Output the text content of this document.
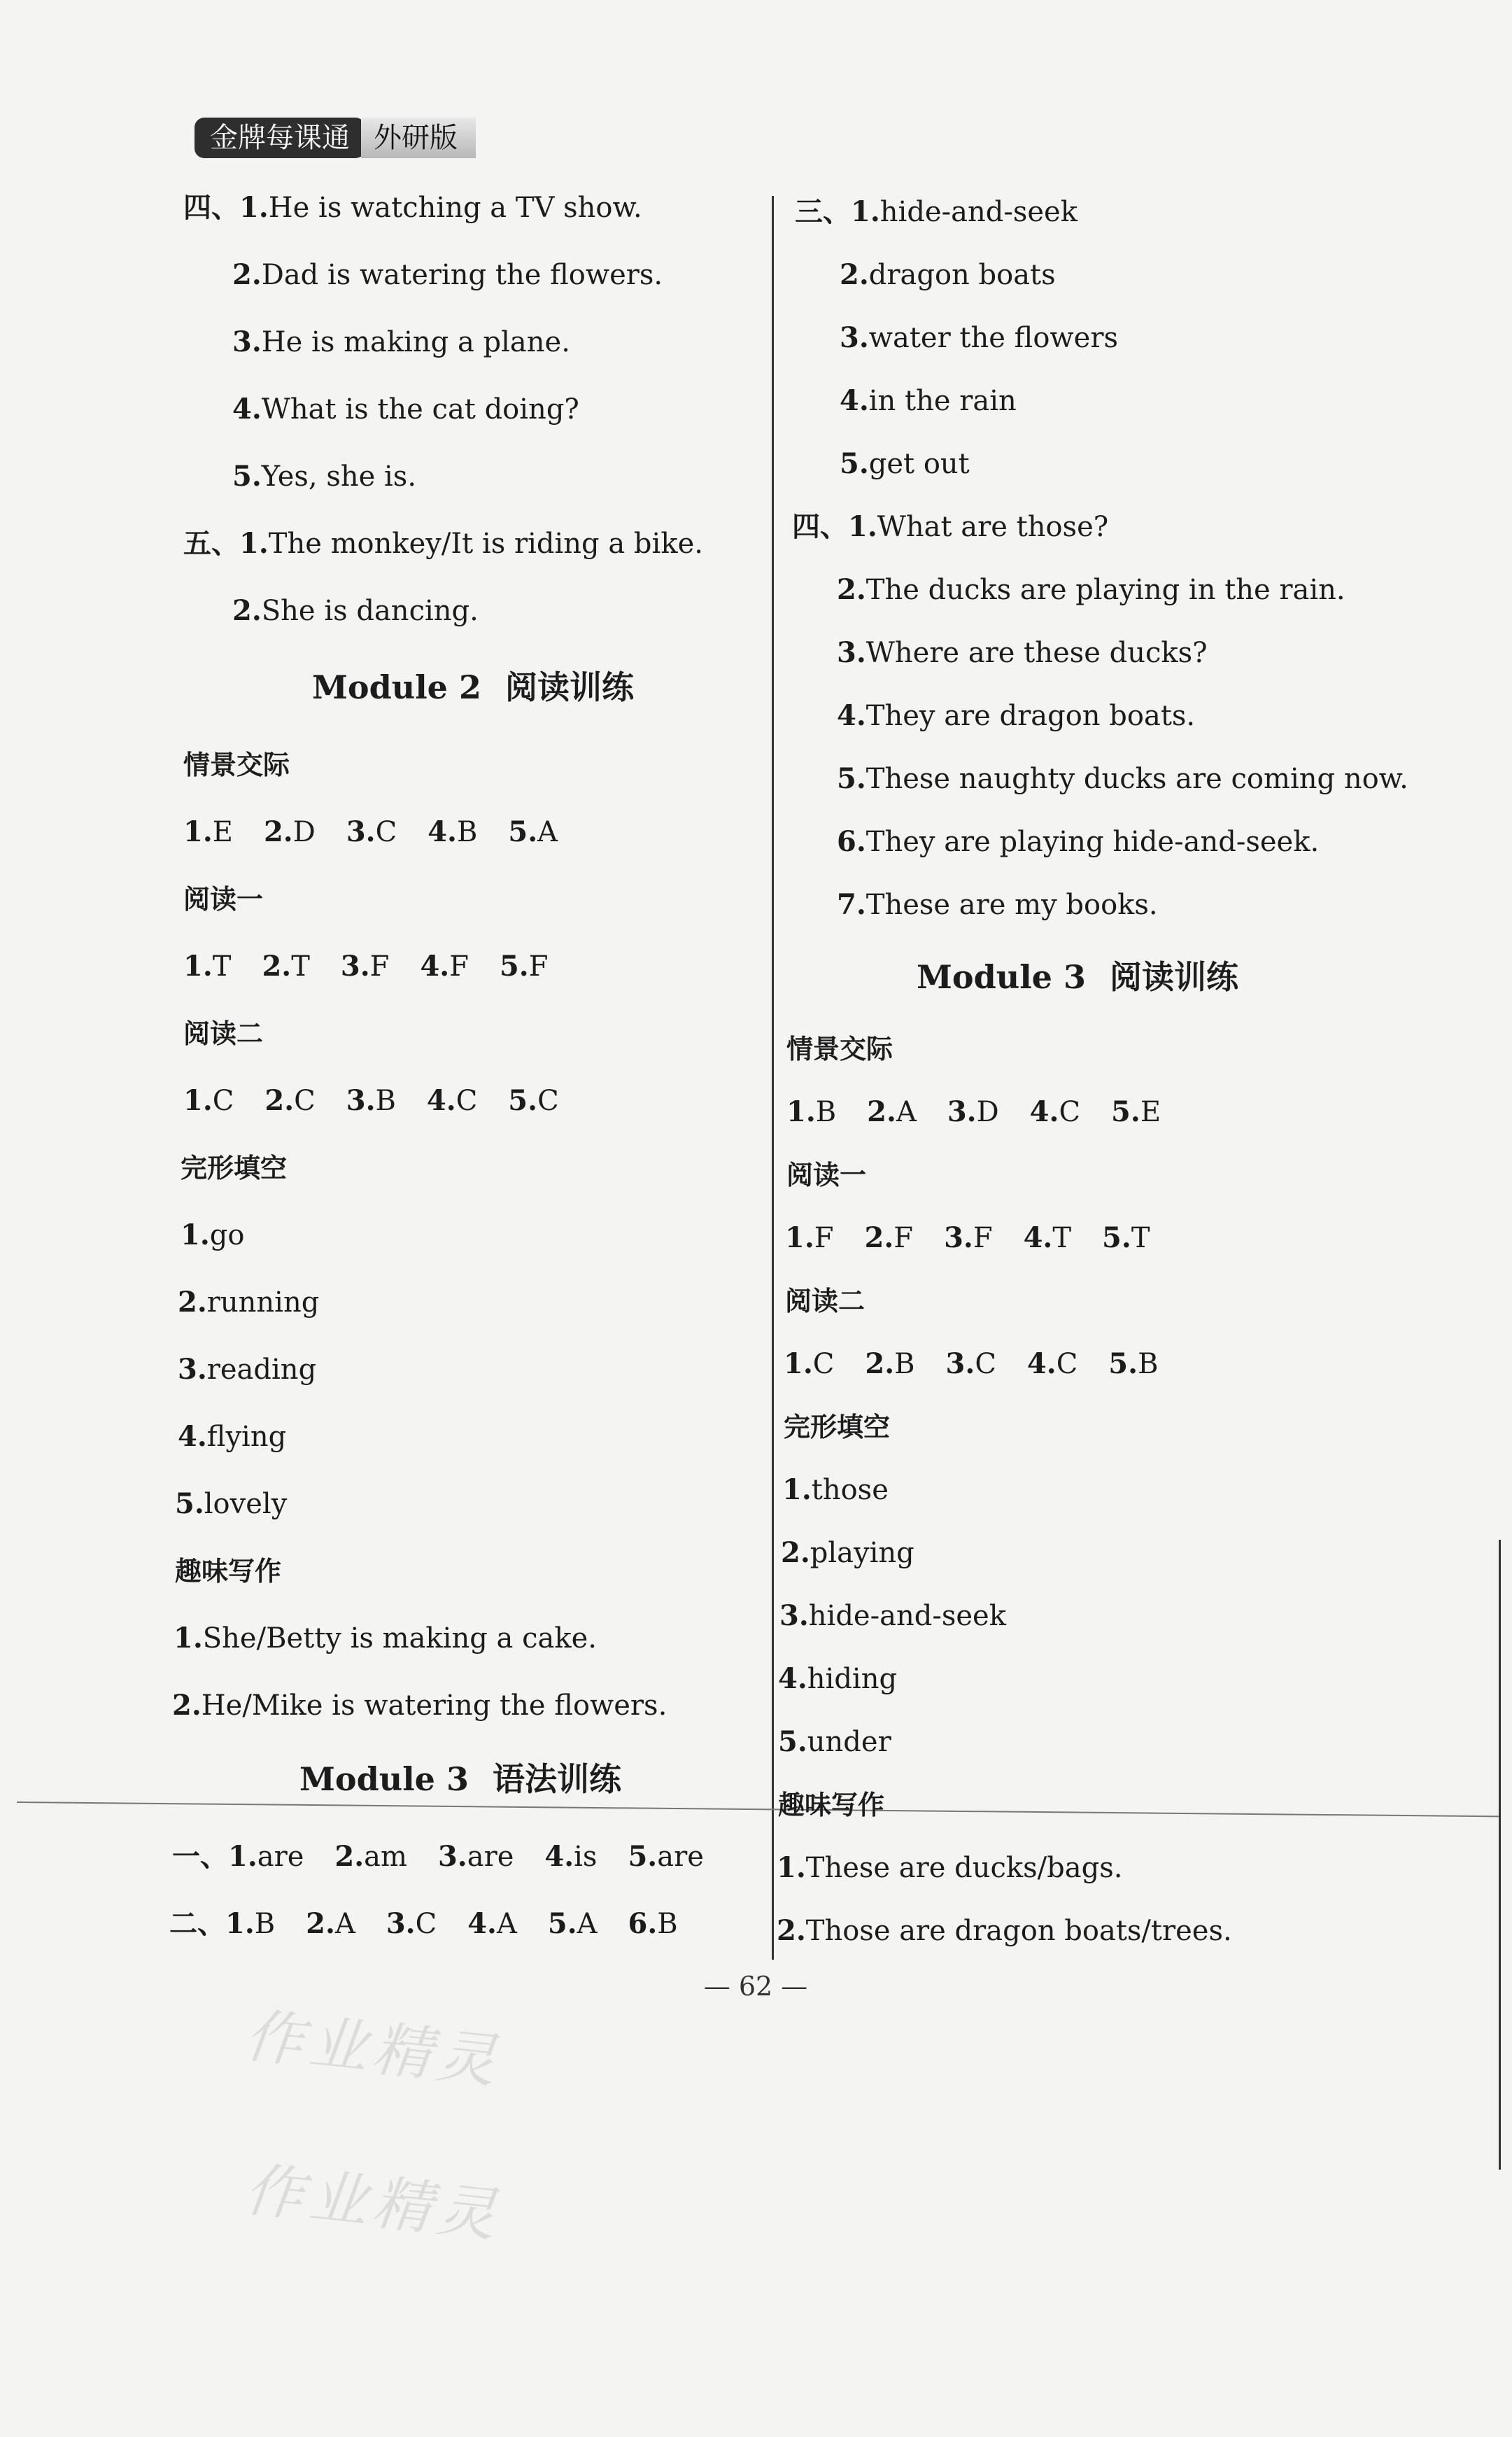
金牌每课通 外研版
四、1.He is watching a TV show.
2.Dad is watering the flowers.
3.He is making a plane.
4.What is the cat doing?
5.Yes, she is.
五、1.The monkey/It is riding a bike.
2.She is dancing.
Module 2 阅读训练
情景交际
1.E 2.D 3.C 4.B 5.A
阅读一
1.T 2.T 3.F 4.F 5.F
阅读二
1.C 2.C 3.B 4.C 5.C
完形填空
1.go
2.running
3.reading
4.flying
5.lovely
趣味写作
1.She/Betty is making a cake.
2.He/Mike is watering the flowers.
Module 3 语法训练
一、 1.are 2.am 3.are 4.is 5.are
二、 1.B 2.A 3.C 4.A 5.A 6.B
三、1.hide-and-seek
2.dragon boats
3.water the flowers
4.in the rain
5.get out
四、1.What are those?
2.The ducks are playing in the rain.
3.Where are these ducks?
4.They are dragon boats.
5.These naughty ducks are coming now.
6.They are playing hide-and-seek.
7.These are my books.
Module 3 阅读训练
情景交际
1.B 2.A 3.D 4.C 5.E
阅读一
1.F 2.F 3.F 4.T 5.T
阅读二
1.C 2.B 3.C 4.C 5.B
完形填空
1.those
2.playing
3.hide-and-seek
4.hiding
5.under
趣味写作
1.These are ducks/bags.
2.Those are dragon boats/trees.
— 62 —
作业精灵
作业精灵
